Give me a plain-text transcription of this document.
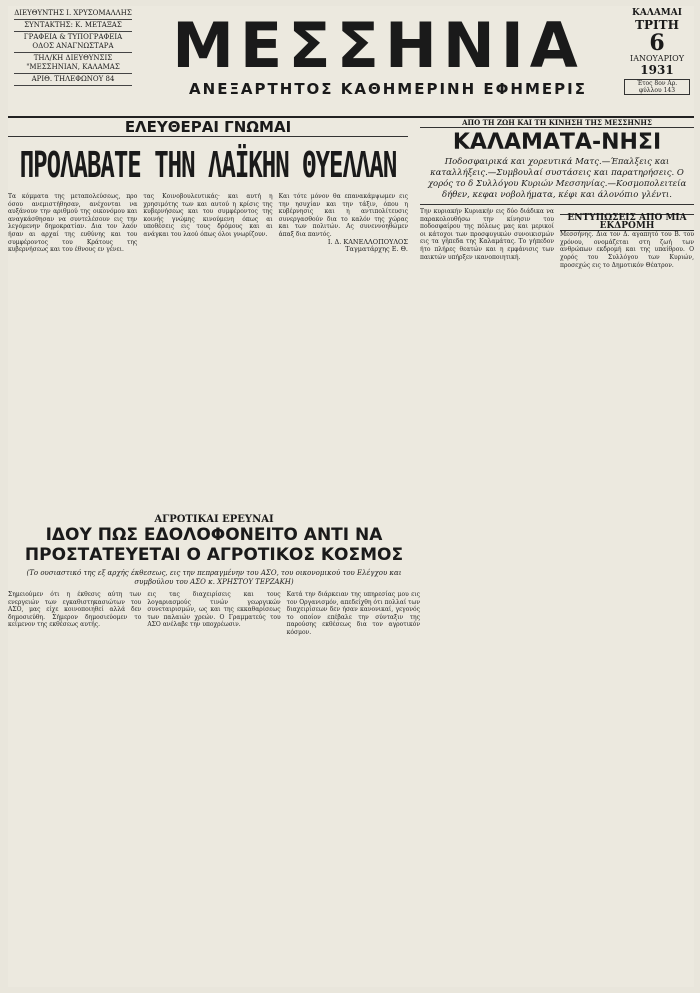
ΔΙΕΥΘΥΝΤΗΣ Ι. ΧΡΥΣΟΜΑΛΛΗΣ
ΣΥΝΤΑΚΤΗΣ: Κ. ΜΕΤΑΞΑΣ
ΓΡΑΦΕΙΑ & ΤΥΠΟΓΡΑΦΕΙΑ ΟΔΟΣ ΑΝΑΓΝΩΣΤΑΡΑ
ΤΗΛ/ΚΗ ΔΙΕΥΘΥΝΣΙΣ "ΜΕΣΣΗΝΙΑΝ, ΚΑΛΑΜΑΣ
ΑΡΙΘ. ΤΗΛΕΦΩΝΟΥ 84 ΜΕΣΣΗΝΙΑ
ΑΝΕΞΑΡΤΗΤΟΣ ΚΑΘΗΜΕΡΙΝΗ ΕΦΗΜΕΡΙΣ
ΚΑΛΑΜΑΙ
ΤΡΙΤΗ
6
ΙΑΝΟΥΑΡΙΟΥ
1931
Έτος 8ον Αρ. φύλλου 143
ΕΛΕΥΘΕΡΑΙ ΓΝΩΜΑΙ
ΠΡΟΛΑΒΑΤΕ ΤΗΝ ΛΑΪΚΗΝ ΘΥΕΛΛΑΝ
Τα κόμματα της μεταπολεύσεως, προ όσου ανεμιστήθησαν, ανέχονται να αυξάνουν την αριθμού της οικονόμου και αναγκάσθησαν να συντελέσουν εις την λεγόμενην δημοκρατίαν. Δια τον λαόν ήσαν αι αρχαί της ευθύνης και του συμφέροντος του Κράτους της κυβερνήσεως και του έθνους εν γένει.
τας Κοινοβουλευτικάς· και αυτή η χρησιμότης των και αυτού η κρίσις της κυβερνήσεως και του συμφέροντος της κοινής γνώμης κινούμενη όπως αι υποθέσεις εις τους δρόμους και αι ανάγκαι του λαού όπως όλοι γνωρίζουν.
Και τότε μόνον θα επανακάμψωμεν εις την ησυχίαν και την τάξιν, όπου η κυβέρνησις και η αντιπολίτευσις συνεργασθούν δια το καλόν της χώρας και των πολιτών. Ας συνεννοηθώμεν άπαξ δια παντός.
Ι. Δ. ΚΑΝΕΛΛΟΠΟΥΛΟΣ
Ταγματάρχης Ε. Θ.
ΑΠΟ ΤΗ ΖΩΗ ΚΑΙ ΤΗ ΚΙΝΗΣΗ ΤΗΣ ΜΕΣΣΗΝΗΣ
ΚΑΛΑΜΑΤΑ-ΝΗΣΙ
Ποδοσφαιρικά και χορευτικά Ματς.—Έπαλξεις και καταλλήξεις.—Συμβουλαί συστάσεις και παρατηρήσεις. Ο χορός το δ Συλλόγου Κυριών Μεσσηνίας.—Κοσμοπολειτεία δήθεν, κεφαι νοβολήματα, κέφι και άλονόπιο γλέντι.
Την κυριακήν Κυριακήν εις δύο διάδικα να παρακολουθήσω την κίνησιν του ποδοσφαίρου της πόλεως μας και μερικοί οι κάτοχοι των προσφυγικών συνοικισμών εις τα γήπεδα της Καλαμάτας. Το γήπεδον ήτο πλήρες θεατών και η εμφάνισις των παικτών υπήρξεν ικανοποιητική.
ΕΝΤΥΠΩΣΕΙΣ ΑΠΟ ΜΙΑ ΕΚΔΡΟΜΗ
Μεσσήνης. Δια τον Δ. αγαπητό του Β. του χρόνου, ονομάζεται στη ζωή των ανθρώπων εκδρομή και της υπαίθρου. Ο χορός του Συλλόγου των Κυριών, προσεχώς εις το Δημοτικόν Θέατρον.
ΑΓΡΟΤΙΚΑΙ ΕΡΕΥΝΑΙ
ΙΔΟΥ ΠΩΣ ΕΔΟΛΟΦΟΝΕΙΤΟ ΑΝΤΙ ΝΑ ΠΡΟΣΤΑΤΕΥΕΤΑΙ Ο ΑΓΡΟΤΙΚΟΣ ΚΟΣΜΟΣ
(Το ουσιαστικό της εξ αρχής έκθεσεως, εις την πεπραγμένην του ΑΣΟ, του οικονομικού του Ελέγχου και συμβούλου του ΑΣΟ κ. ΧΡΗΣΤΟΥ ΤΕΡΖΑΚΗ)
Σημειούμεν ότι η έκθεσις αύτη των ενεργειών των εγκαθιστηκασιώτων του ΑΣΟ, μας είχε κοινοποιηθεί αλλά δεν δημοσιεύθη. Σήμερον δημοσιεύομεν το κείμενον της εκθέσεως αυτής.
εις τας διαχειρίσεις και τους λογαριασμούς τινών γεωργικών συνεταιρισμών, ως και της εκκαθαρίσεως των παλαιών χρεών. Ο Γραμματεύς του ΑΣΟ ανέλαβε την υποχρέωσιν.
Κατά την διάρκειαν της υπηρεσίας μου εις τον Οργανισμόν, απεδείχθη ότι πολλαί των διαχειρίσεων δεν ήσαν κανονικαί, γεγονός το οποίον επέβαλε την σύνταξιν της παρούσης εκθέσεως δια τον αγροτικόν κόσμον.
